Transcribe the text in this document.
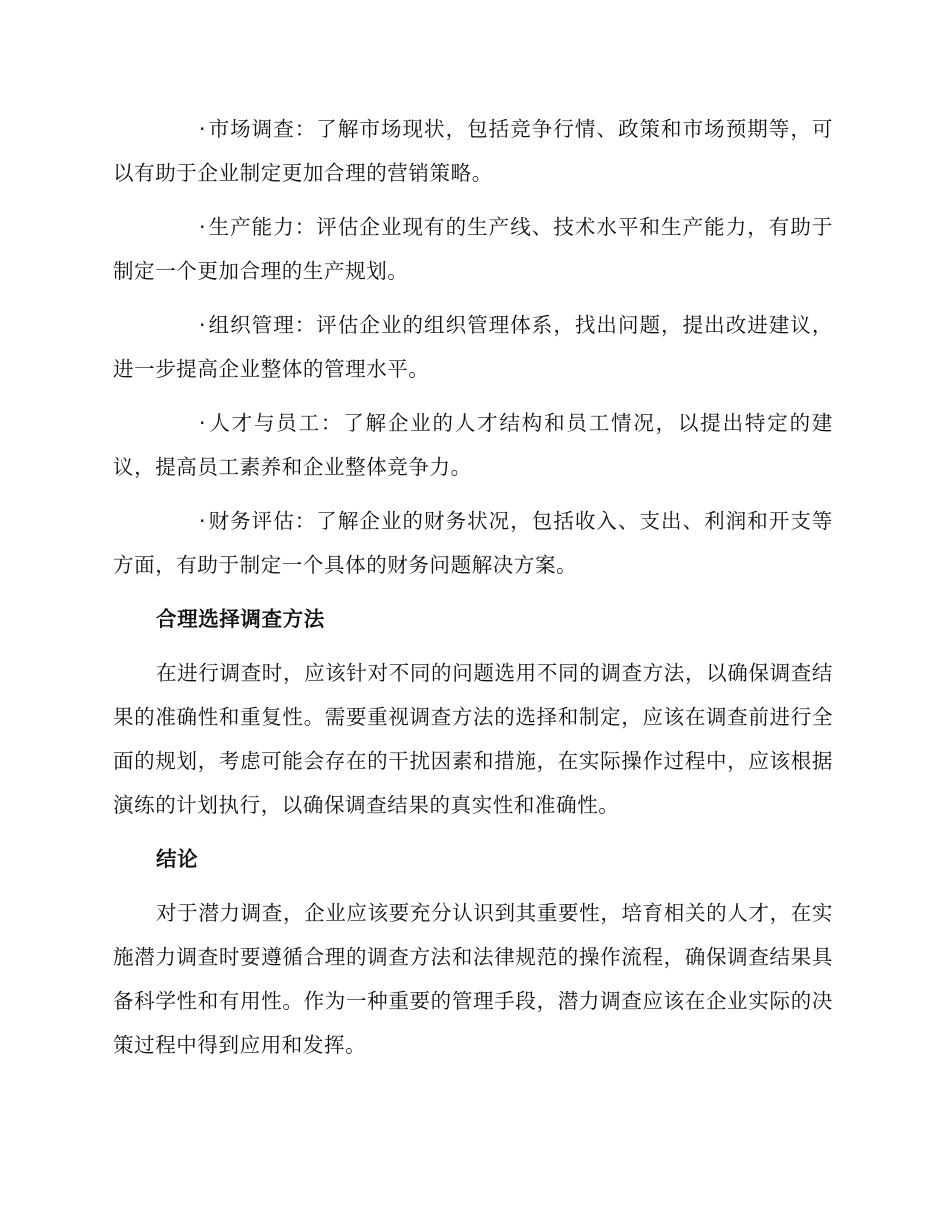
·市场调查：了解市场现状，包括竞争行情、政策和市场预期等，可以有助于企业制定更加合理的营销策略。

·生产能力：评估企业现有的生产线、技术水平和生产能力，有助于制定一个更加合理的生产规划。

·组织管理：评估企业的组织管理体系，找出问题，提出改进建议，进一步提高企业整体的管理水平。

·人才与员工：了解企业的人才结构和员工情况，以提出特定的建议，提高员工素养和企业整体竞争力。

·财务评估：了解企业的财务状况，包括收入、支出、利润和开支等方面，有助于制定一个具体的财务问题解决方案。

合理选择调查方法

在进行调查时，应该针对不同的问题选用不同的调查方法，以确保调查结果的准确性和重复性。需要重视调查方法的选择和制定，应该在调查前进行全面的规划，考虑可能会存在的干扰因素和措施，在实际操作过程中，应该根据演练的计划执行，以确保调查结果的真实性和准确性。

结论

对于潜力调查，企业应该要充分认识到其重要性，培育相关的人才，在实施潜力调查时要遵循合理的调查方法和法律规范的操作流程，确保调查结果具备科学性和有用性。作为一种重要的管理手段，潜力调查应该在企业实际的决策过程中得到应用和发挥。
